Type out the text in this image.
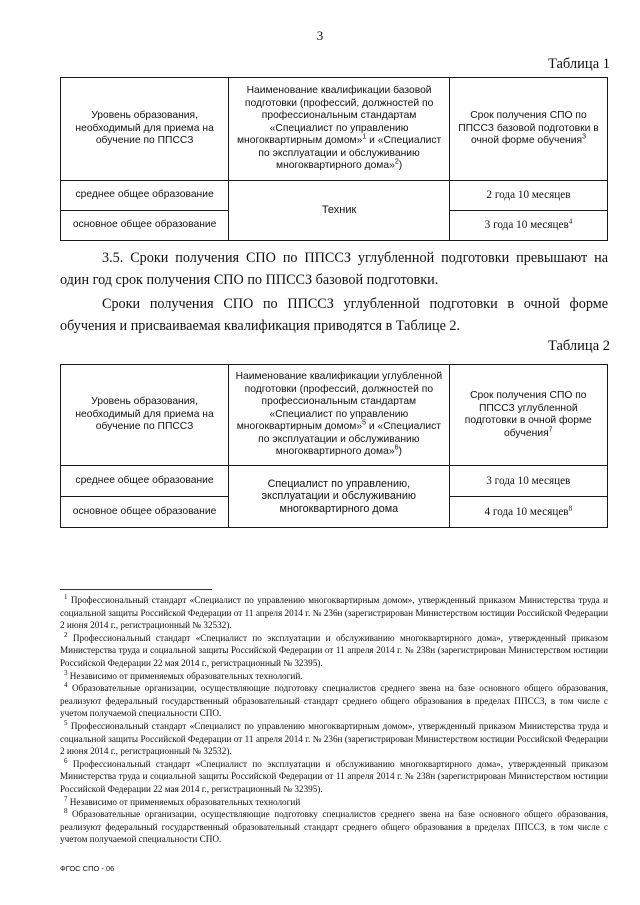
3
Таблица 1
Уровень образования, необходимый для приема на обучение по ППССЗ	Наименование квалификации базовой подготовки (профессий, должностей по профессиональным стандартам «Специалист по управлению многоквартирным домом»$^1$ и «Специалист по эксплуатации и обслуживанию многоквартирного дома»$^2$)	Срок получения СПО по ППССЗ базовой подготовки в очной форме обучения$^3$
среднее общее образование	Техник	2 года 10 месяцев
основное общее образование		3 года 10 месяцев$^4$

3.5. Сроки получения СПО по ППССЗ углубленной подготовки превышают на один год срок получения СПО по ППССЗ базовой подготовки.

Сроки получения СПО по ППССЗ углубленной подготовки в очной форме обучения и присваиваемая квалификация приводятся в Таблице 2.

Таблица 2
Уровень образования, необходимый для приема на обучение по ППССЗ	Наименование квалификации углубленной подготовки (профессий, должностей по профессиональным стандартам «Специалист по управлению многоквартирным домом»$^5$ и «Специалист по эксплуатации и обслуживанию многоквартирного дома»$^6$)	Срок получения СПО по ППССЗ углубленной подготовки в очной форме обучения$^7$
среднее общее образование	Специалист по управлению, эксплуатации и обслуживанию многоквартирного дома	3 года 10 месяцев
основное общее образование		4 года 10 месяцев$^8$

$^1$ Профессиональный стандарт «Специалист по управлению многоквартирным домом», утвержденный приказом Министерства труда и социальной защиты Российской Федерации от 11 апреля 2014 г. № 236н (зарегистрирован Министерством юстиции Российской Федерации 2 июня 2014 г., регистрационный № 32532).

$^2$ Профессиональный стандарт «Специалист по эксплуатации и обслуживанию многоквартирного дома», утвержденный приказом Министерства труда и социальной защиты Российской Федерации от 11 апреля 2014 г. № 238н (зарегистрирован Министерством юстиции Российской Федерации 22 мая 2014 г., регистрационный № 32395).

$^3$ Независимо от применяемых образовательных технологий.

$^4$ Образовательные организации, осуществляющие подготовку специалистов среднего звена на базе основного общего образования, реализуют федеральный государственный образовательный стандарт среднего общего образования в пределах ППССЗ, в том числе с учетом получаемой специальности СПО.

$^5$ Профессиональный стандарт «Специалист по управлению многоквартирным домом», утвержденный приказом Министерства труда и социальной защиты Российской Федерации от 11 апреля 2014 г. № 236н (зарегистрирован Министерством юстиции Российской Федерации 2 июня 2014 г., регистрационный № 32532).

$^6$ Профессиональный стандарт «Специалист по эксплуатации и обслуживанию многоквартирного дома», утвержденный приказом Министерства труда и социальной защиты Российской Федерации от 11 апреля 2014 г. № 238н (зарегистрирован Министерством юстиции Российской Федерации 22 мая 2014 г., регистрационный № 32395).

$^7$ Независимо от применяемых образовательных технологий

$^8$ Образовательные организации, осуществляющие подготовку специалистов среднего звена на базе основного общего образования, реализуют федеральный государственный образовательный стандарт среднего общего образования в пределах ППССЗ, в том числе с учетом получаемой специальности СПО.

ФГОС СПО - 06
